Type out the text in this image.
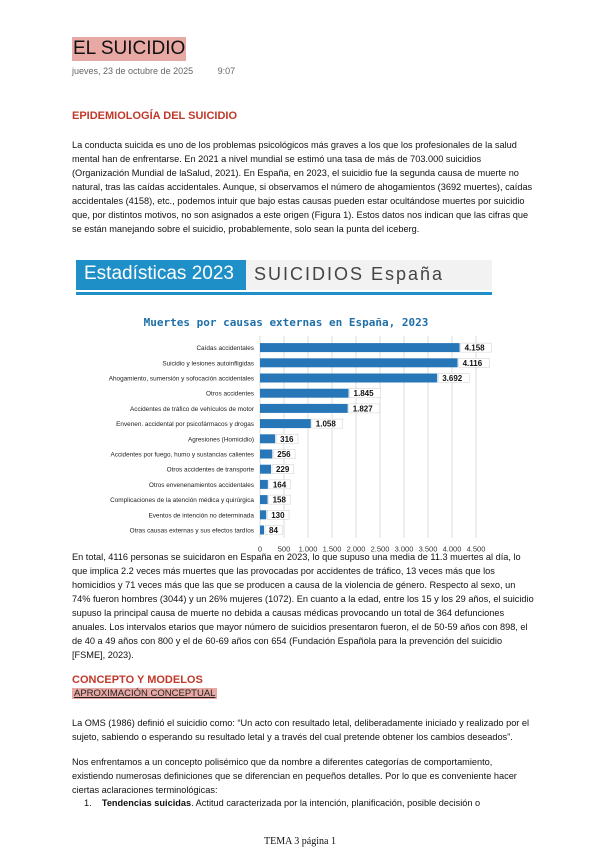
EL SUICIDIO
jueves, 23 de octubre de 2025	9:07
EPIDEMIOLOGÍA DEL SUICIDIO
La conducta suicida es uno de los problemas psicológicos más graves a los que los profesionales de la salud mental han de enfrentarse. En 2021 a nivel mundial se estimó una tasa de más de 703.000 suicidios (Organización Mundial de laSalud, 2021). En España, en 2023, el suicidio fue la segunda causa de muerte no natural, tras las caídas accidentales. Aunque, si observamos el número de ahogamientos (3692 muertes), caídas accidentales (4158), etc., podemos intuir que bajo estas causas pueden estar ocultándose muertes por suicidio que, por distintos motivos, no son asignados a este origen (Figura 1). Estos datos nos indican que las cifras que se están manejando sobre el suicidio, probablemente, solo sean la punta del iceberg.
Estadísticas 2023 SUICIDIOS España
Muertes por causas externas en España, 2023
0 500 1.000 1.500 2.000 2.500 3.000 3.500 4.000 4.500
Caídas accidentales	4.158
Suicidio y lesiones autoinfligidas	4.116
Ahogamiento, sumersión y sofocación accidentales	3.692
Otros accidentes	1.845
Accidentes de tráfico de vehículos de motor	1.827
Envenen. accidental por psicofármacos y drogas	1.058
Agresiones (Homicidio)	316
Accidentes por fuego, humo y sustancias calientes	256
Otros accidentes de transporte	229
Otros envenenamientos accidentales 164
Complicaciones de la atención médica y quirúrgica 158
Eventos de intención no determinada 130
Otras causas externas y sus efectos tardíos 84
En total, 4116 personas se suicidaron en España en 2023, lo que supuso una media de 11.3 muertes al día, lo que implica 2.2 veces más muertes que las provocadas por accidentes de tráfico, 13 veces más que los homicidios y 71 veces más que las que se producen a causa de la violencia de género. Respecto al sexo, un 74% fueron hombres (3044) y un 26% mujeres (1072). En cuanto a la edad, entre los 15 y los 29 años, el suicidio supuso la principal causa de muerte no debida a causas médicas provocando un total de 364 defunciones anuales. Los intervalos etarios que mayor número de suicidios presentaron fueron, el de 50-59 años con 898, el de 40 a 49 años con 800 y el de 60-69 años con 654 (Fundación Española para la prevención del suicidio [FSME], 2023).
CONCEPTO Y MODELOS
APROXIMACIÓN CONCEPTUAL
La OMS (1986) definió el suicidio como: “Un acto con resultado letal, deliberadamente iniciado y realizado por el sujeto, sabiendo o esperando su resultado letal y a través del cual pretende obtener los cambios deseados”.
Nos enfrentamos a un concepto polisémico que da nombre a diferentes categorías de comportamiento, existiendo numerosas definiciones que se diferencian en pequeños detalles. Por lo que es conveniente hacer ciertas aclaraciones terminológicas:
1. Tendencias suicidas. Actitud caracterizada por la intención, planificación, posible decisión o
TEMA 3 página 1
